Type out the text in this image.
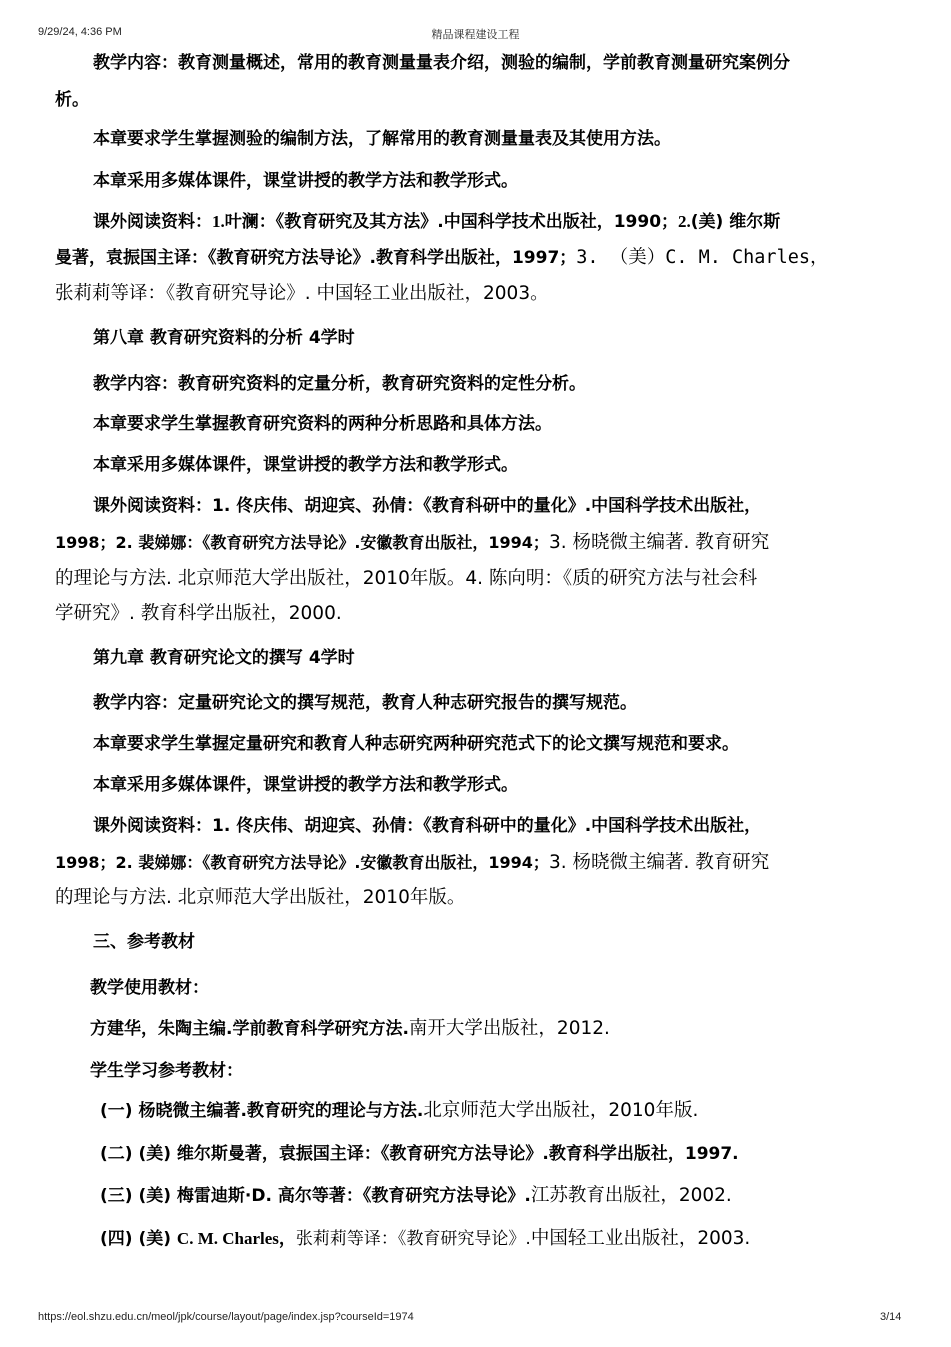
9/29/24, 4:36 PM	精品课程建设工程
教学内容：教育测量概述，常用的教育测量量表介绍，测验的编制，学前教育测量研究案例分
析。
本章要求学生掌握测验的编制方法，了解常用的教育测量量表及其使用方法。
本章采用多媒体课件，课堂讲授的教学方法和教学形式。
课外阅读资料：1.叶澜：《教育研究及其方法》.中国科学技术出版社，1990；2.(美) 维尔斯
曼著，袁振国主译：《教育研究方法导论》.教育科学出版社，1997；3. （美）C. M. Charles，
张莉莉等译：《教育研究导论》. 中国轻工业出版社，2003。
第八章 教育研究资料的分析 4学时
教学内容：教育研究资料的定量分析，教育研究资料的定性分析。
本章要求学生掌握教育研究资料的两种分析思路和具体方法。
本章采用多媒体课件，课堂讲授的教学方法和教学形式。
课外阅读资料：1. 佟庆伟、胡迎宾、孙倩：《教育科研中的量化》.中国科学技术出版社，
1998；2. 裴娣娜：《教育研究方法导论》.安徽教育出版社，1994；3. 杨晓微主编著. 教育研究
的理论与方法. 北京师范大学出版社，2010年版。4. 陈向明：《质的研究方法与社会科
学研究》. 教育科学出版社，2000.
第九章 教育研究论文的撰写 4学时
教学内容：定量研究论文的撰写规范，教育人种志研究报告的撰写规范。
本章要求学生掌握定量研究和教育人种志研究两种研究范式下的论文撰写规范和要求。
本章采用多媒体课件，课堂讲授的教学方法和教学形式。
课外阅读资料：1. 佟庆伟、胡迎宾、孙倩：《教育科研中的量化》.中国科学技术出版社，
1998；2. 裴娣娜：《教育研究方法导论》.安徽教育出版社，1994；3. 杨晓微主编著. 教育研究
的理论与方法. 北京师范大学出版社，2010年版。
三、参考教材
教学使用教材：
方建华，朱陶主编.学前教育科学研究方法.南开大学出版社，2012.
学生学习参考教材：
(一) 杨晓微主编著.教育研究的理论与方法.北京师范大学出版社，2010年版.
(二) (美) 维尔斯曼著，袁振国主译：《教育研究方法导论》.教育科学出版社，1997.
(三) (美) 梅雷迪斯·D. 高尔等著：《教育研究方法导论》.江苏教育出版社，2002.
(四) (美) C. M. Charles，张莉莉等译：《教育研究导论》.中国轻工业出版社，2003.
https://eol.shzu.edu.cn/meol/jpk/course/layout/page/index.jsp?courseId=1974	3/14
